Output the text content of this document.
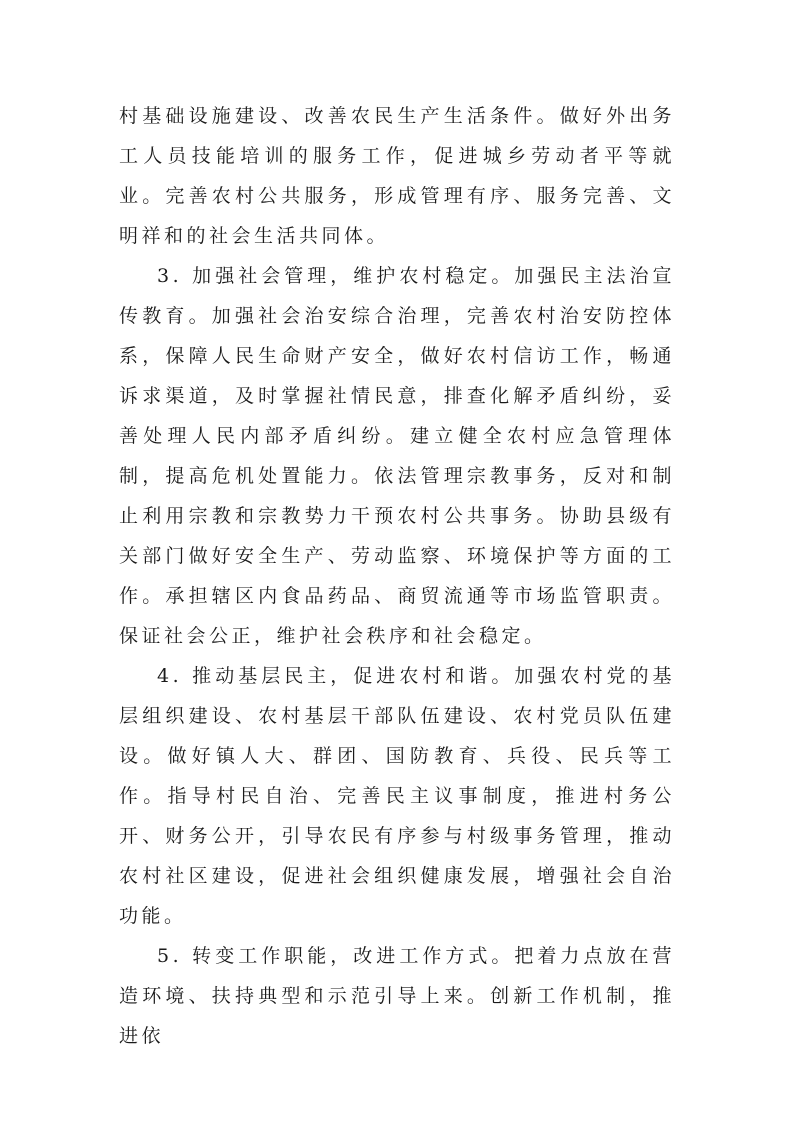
村基础设施建设、改善农民生产生活条件。做好外出务工人员技能培训的服务工作，促进城乡劳动者平等就业。完善农村公共服务，形成管理有序、服务完善、文明祥和的社会生活共同体。

3. 加强社会管理，维护农村稳定。加强民主法治宣传教育。加强社会治安综合治理，完善农村治安防控体系，保障人民生命财产安全，做好农村信访工作，畅通诉求渠道，及时掌握社情民意，排查化解矛盾纠纷，妥善处理人民内部矛盾纠纷。建立健全农村应急管理体制，提高危机处置能力。依法管理宗教事务，反对和制止利用宗教和宗教势力干预农村公共事务。协助县级有关部门做好安全生产、劳动监察、环境保护等方面的工作。承担辖区内食品药品、商贸流通等市场监管职责。保证社会公正，维护社会秩序和社会稳定。

4. 推动基层民主，促进农村和谐。加强农村党的基层组织建设、农村基层干部队伍建设、农村党员队伍建设。做好镇人大、群团、国防教育、兵役、民兵等工作。指导村民自治、完善民主议事制度，推进村务公开、财务公开，引导农民有序参与村级事务管理，推动农村社区建设，促进社会组织健康发展，增强社会自治功能。

5. 转变工作职能，改进工作方式。把着力点放在营造环境、扶持典型和示范引导上来。创新工作机制，推进依
